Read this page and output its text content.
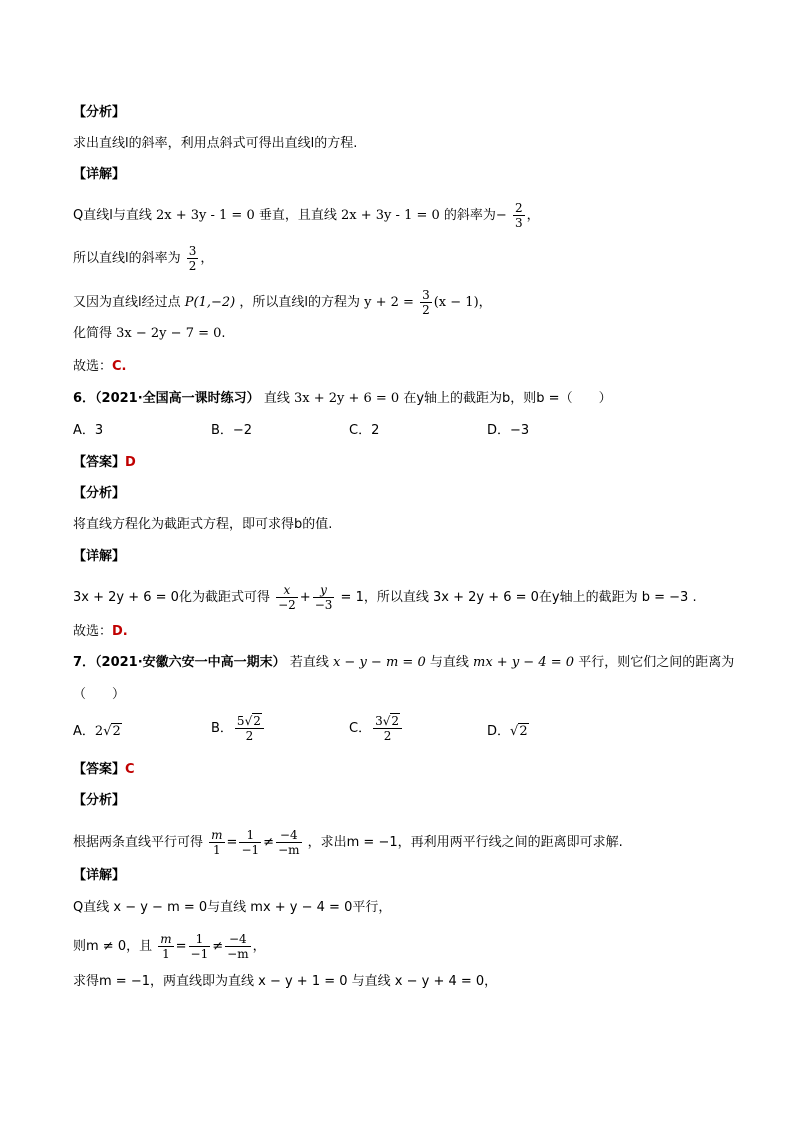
【分析】
求出直线l的斜率，利用点斜式可得出直线l的方程.
【详解】
Q直线l与直线 2x + 3y - 1 = 0 垂直，且直线 2x + 3y - 1 = 0 的斜率为− $\frac{2}{3}$ ，
所以直线l的斜率为 $\frac{3}{2}$ ，
又因为直线l经过点 P(1,−2) ，所以直线l的方程为 $y + 2 = \frac{3}{2} (x - 1)$，
化简得 3x − 2y − 7 = 0.
故选：C.
6．（2021·全国高一课时练习） 直线 3x + 2y + 6 = 0 在y轴上的截距为b，则b =（　　）
A．3	B．−2	C．2	D．−3
【答案】D
【分析】
将直线方程化为截距式方程，即可求得b的值.
【详解】
3x + 2y + 6 = 0化为截距式可得 $\frac{x}{-2} + \frac{y}{-3} = 1$，所以直线 3x + 2y + 6 = 0在y轴上的截距为 b = −3 .
故选：D.
7．（2021·安徽六安一中高一期末） 若直线 x − y − m = 0 与直线 mx + y − 4 = 0 平行，则它们之间的距离为
（　　）
A．2√2	B． $\frac{5√2}{2}$	C． $\frac{3√2}{2}$	D．√2
【答案】C
【分析】
根据两条直线平行可得 $\frac{m}{1} = \frac{1}{-1} \ne \frac{-4}{-m}$ ，求出m = −1，再利用两平行线之间的距离即可求解.
【详解】
Q直线 x − y − m = 0与直线 mx + y − 4 = 0平行，
则m ≠ 0，且 $\frac{m}{1} = \frac{1}{-1} \ne \frac{-4}{-m}$ ，
求得m = −1，两直线即为直线 x − y + 1 = 0 与直线 x − y + 4 = 0，
